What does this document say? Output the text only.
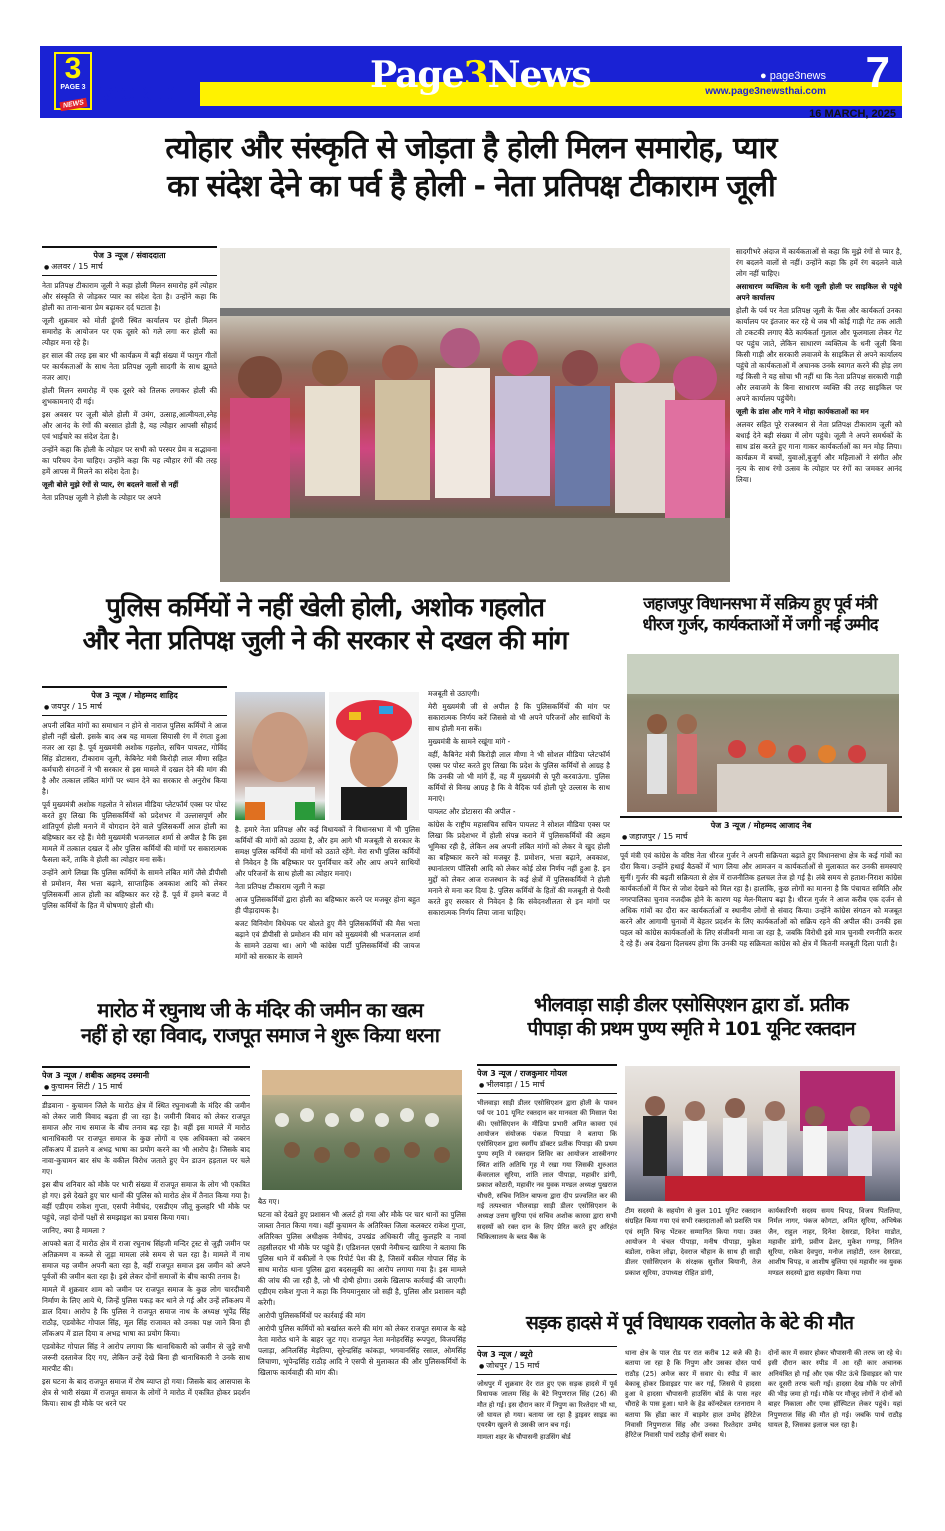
3
PAGE 3
NEWS WORLD	Page3News	● page3news
www.page3newsthai.com 7
16 MARCH, 2025
त्योहार और संस्कृति से जोड़ता है होली मिलन समारोह, प्यार
का संदेश देने का पर्व है होली - नेता प्रतिपक्ष टीकाराम जूली
पेज 3 न्यूज / संवाददाता
● अलवर / 15 मार्च

नेता प्रतिपक्ष टीकाराम जूली ने कहा होली मिलन समारोह हमें त्योहार और संस्कृति से जोड़कर प्यार का संदेश देता है। उन्होंने कहा कि होली का ताना-बाना प्रेम बढ़ाकर दर्द घटाता है।

जूली शुक्रवार को मोती डूंगरी स्थित कार्यालय पर होली मिलन समारोह के आयोजन पर एक दूसरे को गले लगा कर होली का त्यौहार मना रहे है।

हर साल की तरह इस बार भी कार्यक्रम में बड़ी संख्या में फागुन गीतों पर कार्यकताओं के साथ नेता प्रतिपक्ष जूली सादगी के साथ झूमते नजर आए।

होली मिलन समारोह में एक दूसरे को तिलक लगाकर होली की शुभकामनाएं दी गई।

इस अवसर पर जूली बोले होली में उमंग, उत्साह,आत्मीयता,स्नेह और आनंद के रंगों की बरसात होती है, यह त्यौहार आपसी सौहार्द एवं भाईचारे का संदेश देता है।

उन्होंने कहा कि होली के त्योहार पर सभी को परस्पर प्रेम व सद्भावना का परिचय देना चाहिए। उन्होंने कहा कि यह त्यौहार रंगों की तरह हमें आपस में मिलने का संदेश देता है।

जूली बोले मुझे रंगों से प्यार, रंग बदलने वालों से नहीं

नेता प्रतिपक्ष जूली ने होली के त्योहार पर अपने

सादगीभरे अंदाज में कार्यकताओं से कहा कि मुझे रंगों से प्यार है, रंग बदलने वालों से नहीं। उन्होंने कहा कि हमें रंग बदलने वाले लोग नहीं चाहिए।

असाधारण व्यक्तित्व के धनी जूली होली पर साइकिल से पहुंचे अपने कार्यालय

होली के पर्व पर नेता प्रतिपक्ष जूली के फैंस और कार्यकर्ता उनका कार्यालय पर इंतजार कर रहे थे जब भी कोई गाड़ी गेट तक आती तो टकटकी लगाए बैठे कार्यकर्ता गुलाल और फूलमाला लेकर गेट पर पहुंच जाते, लेकिन साधारण व्यक्तित्व के धनी जूली बिना किसी गाड़ी और सरकारी लवाजमे के साइकिल से अपने कार्यालय पहुंचे तो कार्यकताओं में अचानक उनके स्वागत करने की होड़ लग गई किसी ने यह सोचा भी नहीं था कि नेता प्रतिपक्ष सरकारी गाड़ी और लवाजमे के बिना साधारण व्यक्ति की तरह साइकिल पर अपने कार्यालय पहुंचेंगे।

जूली के डांस और गाने ने मोहा कार्यकताओं का मन

अलवर सहित पूरे राजस्थान से नेता प्रतिपक्ष टीकाराम जूली को बधाई देने बड़ी संख्या में लोग पहुंचे। जूली ने अपने समर्थकों के साथ डांस करते हुए गाना गाकर कार्यकर्ताओं का मन मोह लिया। कार्यक्रम में बच्चों, युवाओं,बुजुर्ग और महिलाओं ने संगीत और नृत्य के साथ रंगो उत्सव के त्योहार पर रंगों का जमकर आनंद लिया।

पुलिस कर्मियों ने नहीं खेली होली, अशोक गहलोत
और नेता प्रतिपक्ष जुली ने की सरकार से दखल की मांग
पेज 3 न्यूज / मोहम्मद शाहिद
● जयपुर / 15 मार्च

अपनी लंबित मांगों का समाधान न होने से नाराज पुलिस कर्मियों ने आज होली नहीं खेली. इसके बाद अब यह मामला सियासी रंग में रंगता हुआ नजर आ रहा है. पूर्व मुख्यमंत्री अशोक गहलोत, सचिन पायलट, गोविंद सिंह डोटासरा, टीकाराम जूली, केबिनेट मंत्री किरोड़ी लाल मीणा सहित कर्मचारी संगठनों ने भी सरकार से इस मामले में दखल देने की मांग की है और तत्काल लंबित मांगों पर ध्यान देने का सरकार से अनुरोध किया है।

पूर्व मुख्यमंत्री अशोक गहलोत ने सोशल मीडिया प्लेटफॉर्म एक्स पर पोस्ट करते हुए लिखा कि पुलिसकर्मियों को प्रदेशभर में उल्लासपूर्ण और शांतिपूर्ण होली मनाने में योगदान देने वाले पुलिसकर्मी आज होली का बहिष्कार कर रहे हैं। मेरी मुख्यमंत्री भजनलाल शर्मा से अपील है कि इस मामले में तत्काल दखल दें और पुलिस कर्मियों की मांगों पर सकारात्मक फैसला करें, ताकि वे होली का त्योहार मना सकें।

उन्होंने आगे लिखा कि पुलिस कर्मियों के सामने लंबित मांगें जैसे डीपीसी से प्रमोशन, मैस भत्ता बढ़ाने, साप्ताहिक अवकाश आदि को लेकर पुलिसकर्मी आज होली का बहिष्कार कर रहे हैं. पूर्व में हमने बजट में पुलिस कर्मियों के हित में घोषणाएं होली थी।

है. हमारे नेता प्रतिपक्ष और कई विधायकों ने विधानसभा में भी पुलिस कर्मियों की मांगों को उठाया है, और हम आगे भी मजबूती से सरकार के समक्ष पुलिस कर्मियों की मांगों को उठाते रहेंगे. मेरा सभी पुलिस कर्मियों से निवेदन है कि बहिष्कार पर पुनर्विचार करें और आप अपने साथियों और परिजनों के साथ होली का त्योहार मनाएं।

नेता प्रतिपक्ष टीकाराम जूली ने कहा

आज पुलिसकर्मियों द्वारा होली का बहिष्कार करने पर मजबूर होना बहुत ही पीड़ादायक है।

बजट विनियोग विधेयक पर बोलते हुए मैंने पुलिसकर्मियों की मैस भत्ता बढ़ाने एवं डीपीसी से प्रमोशन की मांग को मुख्यमंत्री श्री भजनलाल शर्मा के सामने उठाया था। आगे भी कांग्रेस पार्टी पुलिसकर्मियों की जायज मांगों को सरकार के सामने

मजबूती से उठाएगी।

मेरी मुख्यमंत्री जी से अपील है कि पुलिसकर्मियों की मांग पर सकारात्मक निर्णय करें जिससे वो भी अपने परिजनों और साथियों के साथ होली मना सकें।

मुख्यमंत्री के सामने रखूंगा मांगे -

वहीं, कैबिनेट मंत्री किरोड़ी लाल मीणा ने भी सोशल मीडिया प्लेटफॉर्म एक्स पर पोस्ट करते हुए लिखा कि प्रदेश के पुलिस कर्मियों से आग्रह है कि उनकी जो भी मांगें हैं, वह मैं मुख्यमंत्री से पूरी करवाऊंगा. पुलिस कर्मियों से विनम्र आग्रह है कि वे वैदिक पर्व होली पूरे उल्लास के साथ मनाएं।

पायलट और डोटासरा की अपील -

कांग्रेस के राष्ट्रीय महासचिव सचिन पायलट ने सोशल मीडिया एक्स पर लिखा कि प्रदेशभर में होली संपन्न कराने में पुलिसकर्मियों की अहम भूमिका रही है, लेकिन अब अपनी लंबित मांगों को लेकर वे खुद होली का बहिष्कार करने को मजबूर हैं. प्रमोशन, भत्ता बढ़ाने, अवकाश, स्थानांतरण पॉलिसी आदि को लेकर कोई ठोस निर्णय नहीं हुआ है. इन मुद्दों को लेकर आज राजस्थान के कई क्षेत्रों में पुलिसकर्मियों ने होली मनाने से मना कर दिया है. पुलिस कर्मियों के हितों की मजबूती से पैरवी करते हुए सरकार से निवेदन है कि संवेदनशीलता से इन मांगों पर सकारात्मक निर्णय लिया जाना चाहिए।

जहाजपुर विधानसभा में सक्रिय हुए पूर्व मंत्री
धीरज गुर्जर, कार्यकताओं में जगी नई उम्मीद
पेज 3 न्यूज / मोहम्मद आजाद नेब
● जहाजपुर / 15 मार्च

पूर्व मंत्री एवं कांग्रेस के वरिष्ठ नेता धीरज गुर्जर ने अपनी सक्रियता बढ़ाते हुए विधानसभा क्षेत्र के कई गांवों का दौरा किया। उन्होंने हथाई बैठकों में भाग लिया और आमजन व कार्यकर्ताओं से मुलाकात कर उनकी समस्याएं सुनीं। गुर्जर की बढ़ती सक्रियता से क्षेत्र में राजनीतिक हलचल तेज हो गई है। लंबे समय से हताश-निराश कांग्रेस कार्यकर्ताओं में फिर से जोश देखने को मिल रहा है। हालांकि, कुछ लोगों का मानना है कि पंचायत समिति और नगरपालिका चुनाव नजदीक होने के कारण यह मेल-मिलाप बढ़ा है। धीरज गुर्जर ने आज करीब एक दर्जन से अधिक गांवों का दौरा कर कार्यकर्ताओं व स्थानीय लोगों से संवाद किया। उन्होंने कांग्रेस संगठन को मजबूत करने और आगामी चुनावों में बेहतर प्रदर्शन के लिए कार्यकर्ताओं को सक्रिय रहने की अपील की। उनकी इस पहल को कांग्रेस कार्यकर्ताओं के लिए संजीवनी माना जा रहा है, जबकि विरोधी इसे मात्र चुनावी रणनीति करार दे रहे हैं। अब देखना दिलचस्प होगा कि उनकी यह सक्रियता कांग्रेस को क्षेत्र में कितनी मजबूती दिला पाती है।

मारोठ में रघुनाथ जी के मंदिर की जमीन का खत्म
नहीं हो रहा विवाद, राजपूत समाज ने शुरू किया धरना
पेज 3 न्यूज / शबीक अहमद उस्मानी
● कुचामन सिटी / 15 मार्च

डीडवाना - कुचामन जिले के मारोठ क्षेत्र में स्थित रघुनाथजी के मंदिर की जमीन को लेकर जारी विवाद बढ़ता ही जा रहा है। जमीनी विवाद को लेकर राजपूत समाज और नाथ समाज के बीच तनाव बढ़ रहा है। वहीं इस मामले में मारोठ थानाधिकारी पर राजपूत समाज के कुछ लोगों व एक अधिवक्ता को जबरन लॉकअप में डालने व अभद्र भाषा का प्रयोग करने का भी आरोप है। जिसके बाद नावा-कुचामन बार संघ के वकील विरोध जताते हुए पेन डाउन हड़ताल पर चले गए।

इस बीच शनिवार को मौके पर भारी संख्या में राजपूत समाज के लोग भी एकत्रित हो गए। इसे देखते हुए चार थानों की पुलिस को मारोठ क्षेत्र में तैनात किया गया है। वहीं एडीएम राकेश गुप्ता, एसपी नेमीचंद, एसडीएम जीतू कुलहरि भी मौके पर पहुंचे, जहां दोनों पक्षों से समझाइश का प्रयास किया गया।

जानिए, क्या है मामला ?

आपको बता दें मारोठ क्षेत्र में राजा रघुनाथ सिंहजी मन्दिर ट्रस्ट से जुड़ी जमीन पर अतिक्रमण व कब्जे से जुड़ा मामला लंबे समय से चल रहा है। मामले में नाथ समाज यह जमीन अपनी बता रहा है, वहीं राजपूत समाज इस जमीन को अपने पूर्वजों की जमीन बता रहा है। इसे लेकर दोनों समाजों के बीच काफी तनाव है।

मामले में शुक्रवार शाम को जमीन पर राजपूत समाज के कुछ लोग चारदीवारी निर्माण के लिए आये थे, जिन्हें पुलिस पकड़ कर थाने ले गई और उन्हें लॉकअप में डाल दिया। आरोप है कि पुलिस ने राजपूत समाज नाथ के अध्यक्ष भूपेंद्र सिंह राठौड़, एडवोकेट गोपाल सिंह, मूल सिंह राजावत को उनका पक्ष जाने बिना ही लॉकअप में डाल दिया व अभद्र भाषा का प्रयोग किया।

एडवोकेट गोपाल सिंह ने आरोप लगाया कि थानाधिकारी को जमीन से जुड़े सभी जरूरी दस्तावेज दिए गए, लेकिन उन्हें देखे बिना ही थानाधिकारी ने उनके साथ मारपीट की।

इस घटना के बाद राजपूत समाज में रोष व्याप्त हो गया। जिसके बाद आसपास के क्षेत्र से भारी संख्या में राजपूत समाज के लोगों ने मारोठ में एकत्रित होकर प्रदर्शन किया। साथ ही मौके पर धरने पर

बैठ गए।

घटना को देखते हुए प्रशासन भी अलर्ट हो गया और मौके पर चार थानों का पुलिस जाब्ता तैनात किया गया। वहीं कुचामन के अतिरिक्त जिला कलक्टर राकेश गुप्ता, अतिरिक्त पुलिस अधीक्षक नेमीचंद, उपखंड अधिकारी जीतू कुलहरि व नावां तहसीलदार भी मौके पर पहुंचे हैं। एडिशनल एसपी नेमीचन्द खारिया ने बताया कि पुलिस थाने में वकीलों ने एक रिपोर्ट पेश की है, जिसमें वकील गोपाल सिंह के साथ मारोठ थाना पुलिस द्वारा बदसलूकी का आरोप लगाया गया है। इस मामले की जांच की जा रही है, जो भी दोषी होगा। उसके खिलाफ कार्रवाई की जाएगी। एडीएम राकेश गुप्ता ने कहा कि नियमानुसार जो सही है, पुलिस और प्रशासन वही करेगी।

आरोपी पुलिसकर्मियों पर कार्रवाई की मांग

आरोपी पुलिस कर्मियों को बर्खास्त करने की मांग को लेकर राजपूत समाज के बड़े नेता मारोठ थाने के बाहर जुट गए। राजपूत नेता मनोहरसिंह रूपपुरा, विजयसिंह पलाड़ा, अनिलसिंह मेड़तिया, सुरेन्द्रसिंह कांकड़ा, भगवानसिंह रसाल, ओमसिंह लिचाणा, भूपेन्द्रसिंह राठौड़ आदि ने एसपी से मुलाकात की और पुलिसकर्मियों के खिलाफ कार्यवाही की मांग की।

भीलवाड़ा साड़ी डीलर एसोसिएशन द्वारा डॉ. प्रतीक
पीपाड़ा की प्रथम पुण्य स्मृति मे 101 यूनिट रक्तदान
पेज 3 न्यूज / राजकुमार गोयल
● भीलवाड़ा / 15 मार्च

भीलवाड़ा साड़ी डीलर एसोसिएशन द्वारा होली के पावन पर्व पर 101 यूनिट रक्तदान कर मानवता की मिसाल पेश की। एसोसिएशन के मीडिया प्रभारी अमित कावरा एवं आयोजन संयोजक पंकज पिपाडा ने बताया कि एसोसिएशन द्वारा स्वर्गीय डॉक्टर प्रतीक पिपाड़ा की प्रथम पुण्य स्मृति मे रक्तदान शिविर का आयोजन शास्त्रीनगर स्थित शांति अतिथि गृह मे रखा गया जिसकी शुरुआत कँवरलाल सूरिया, शांति लाल पीपाड़ा, महावीर डांगी, प्रकाश कोठारी, महावीर नव युवक मण्डल अध्यक्ष पुखराज चौधरी, सचिव नितिन बाफना द्वारा दीप प्रज्वलित कर की गई तत्पश्चात भीलवाड़ा साड़ी डीलर एसोसिएशन के अध्यक्ष उत्तम सुरिया एवं सचिव अशोक कारवा द्वारा सभी सदस्यों को रक्त दान के लिए प्रेरित करते हुए अरिहंत चिकित्सालय के ब्लड बैंक के

टीम सदस्यो के सहयोग से कुल 101 यूनिट रक्तदान संग्रहित किया गया एवं सभी रक्तदाताओं को प्रशस्ति पत्र एवं स्मृति चिन्ह भेंटकर सम्मानित किया गया। उक्त आयोजन मे चंचल पीपाड़ा, मनीष पीपाड़ा, मुकेश बडोला, राकेश लोढ़ा, देवराज चौहान के साथ ही साड़ी डीलर एसोसिएशन के संरक्षक सुशील बियानी, तेज प्रकाश सूरिया, उपाध्यक्ष रोहित डांगी,

कार्यकारिणी सदस्य समय चिपड़, विजय पितलिया, निर्मल नागर, पंकज कोगटा, अमित सूरिया, अभिषेक जैन, राहुल नाहर, दिनेश देसरडा, दिनेश माडोत, महावीर डांगी, प्रवीण ढेलर, मुकेश गग्गड़, नितिन सूरिया, राकेश देवपुरा, मनोज लाहोटी, रतन देसरडा, आशीष चिपड़, व आशीष बुलिया एवं महावीर नव युवक मण्डल सदस्यो द्वारा सहयोग किया गया

सड़क हादसे में पूर्व विधायक रावलोत के बेटे की मौत
पेज 3 न्यूज / ब्यूरो
● जोधपुर / 15 मार्च

जोधपुर में शुक्रवार देर रात हुए एक सड़क हादसे में पूर्व विधायक जालम सिंह के बेटे निपुणराज सिंह (26) की मौत हो गई। इस दौरान कार में निपुण का रिश्तेदार भी था, जो घायल हो गया। बताया जा रहा है ड्राइवर साइड का एयरबैग खुलने से उसकी जान बच गई।

मामला शहर के चौपासनी हाउसिंग बोर्ड

थाना क्षेत्र के पाल रोड पर रात करीब 12 बजे की है। बताया जा रहा है कि निपुण और उसका दोस्त पार्थ राठौड़ (25) अमेज कार में सवार थे। स्पीड में कार बेकाबू होकर डिवाइडर पार कर गई, जिससे ये हादसा हुआ वे हादसा चौपासनी हाउसिंग बोर्ड के पास नहर चौराहे के पास हुआ। थाने के हेड कॉन्स्टेबल रतनाराम ने बताया कि होंडा कार में बाड़मेर हाल उम्मेद हेरिटेज निवासी निपुणराज सिंह और उनका रिश्तेदार उम्मेद हेरिटेज निवासी पार्थ राठौड़ दोनों सवार थे।

दोनों कार में सवार होकर चौपासनी की तरफ जा रहे थे। इसी दौरान कार स्पीड में आ रही कार अचानक अनियंत्रित हो गई और एक फीट ऊंचे डिवाइडर को पार कर दूसरी तरफ चली गई। हादसा देख मौके पर लोगों की भीड़ जमा हो गई। मौके पर मौजूद लोगों ने दोनों को बाहर निकाला और एम्स हॉस्पिटल लेकर पहुंचे। यहां निपुणराज सिंह की मौत हो गई। जबकि पार्थ राठौड़ घायल है, जिसका इलाज चल रहा है।
